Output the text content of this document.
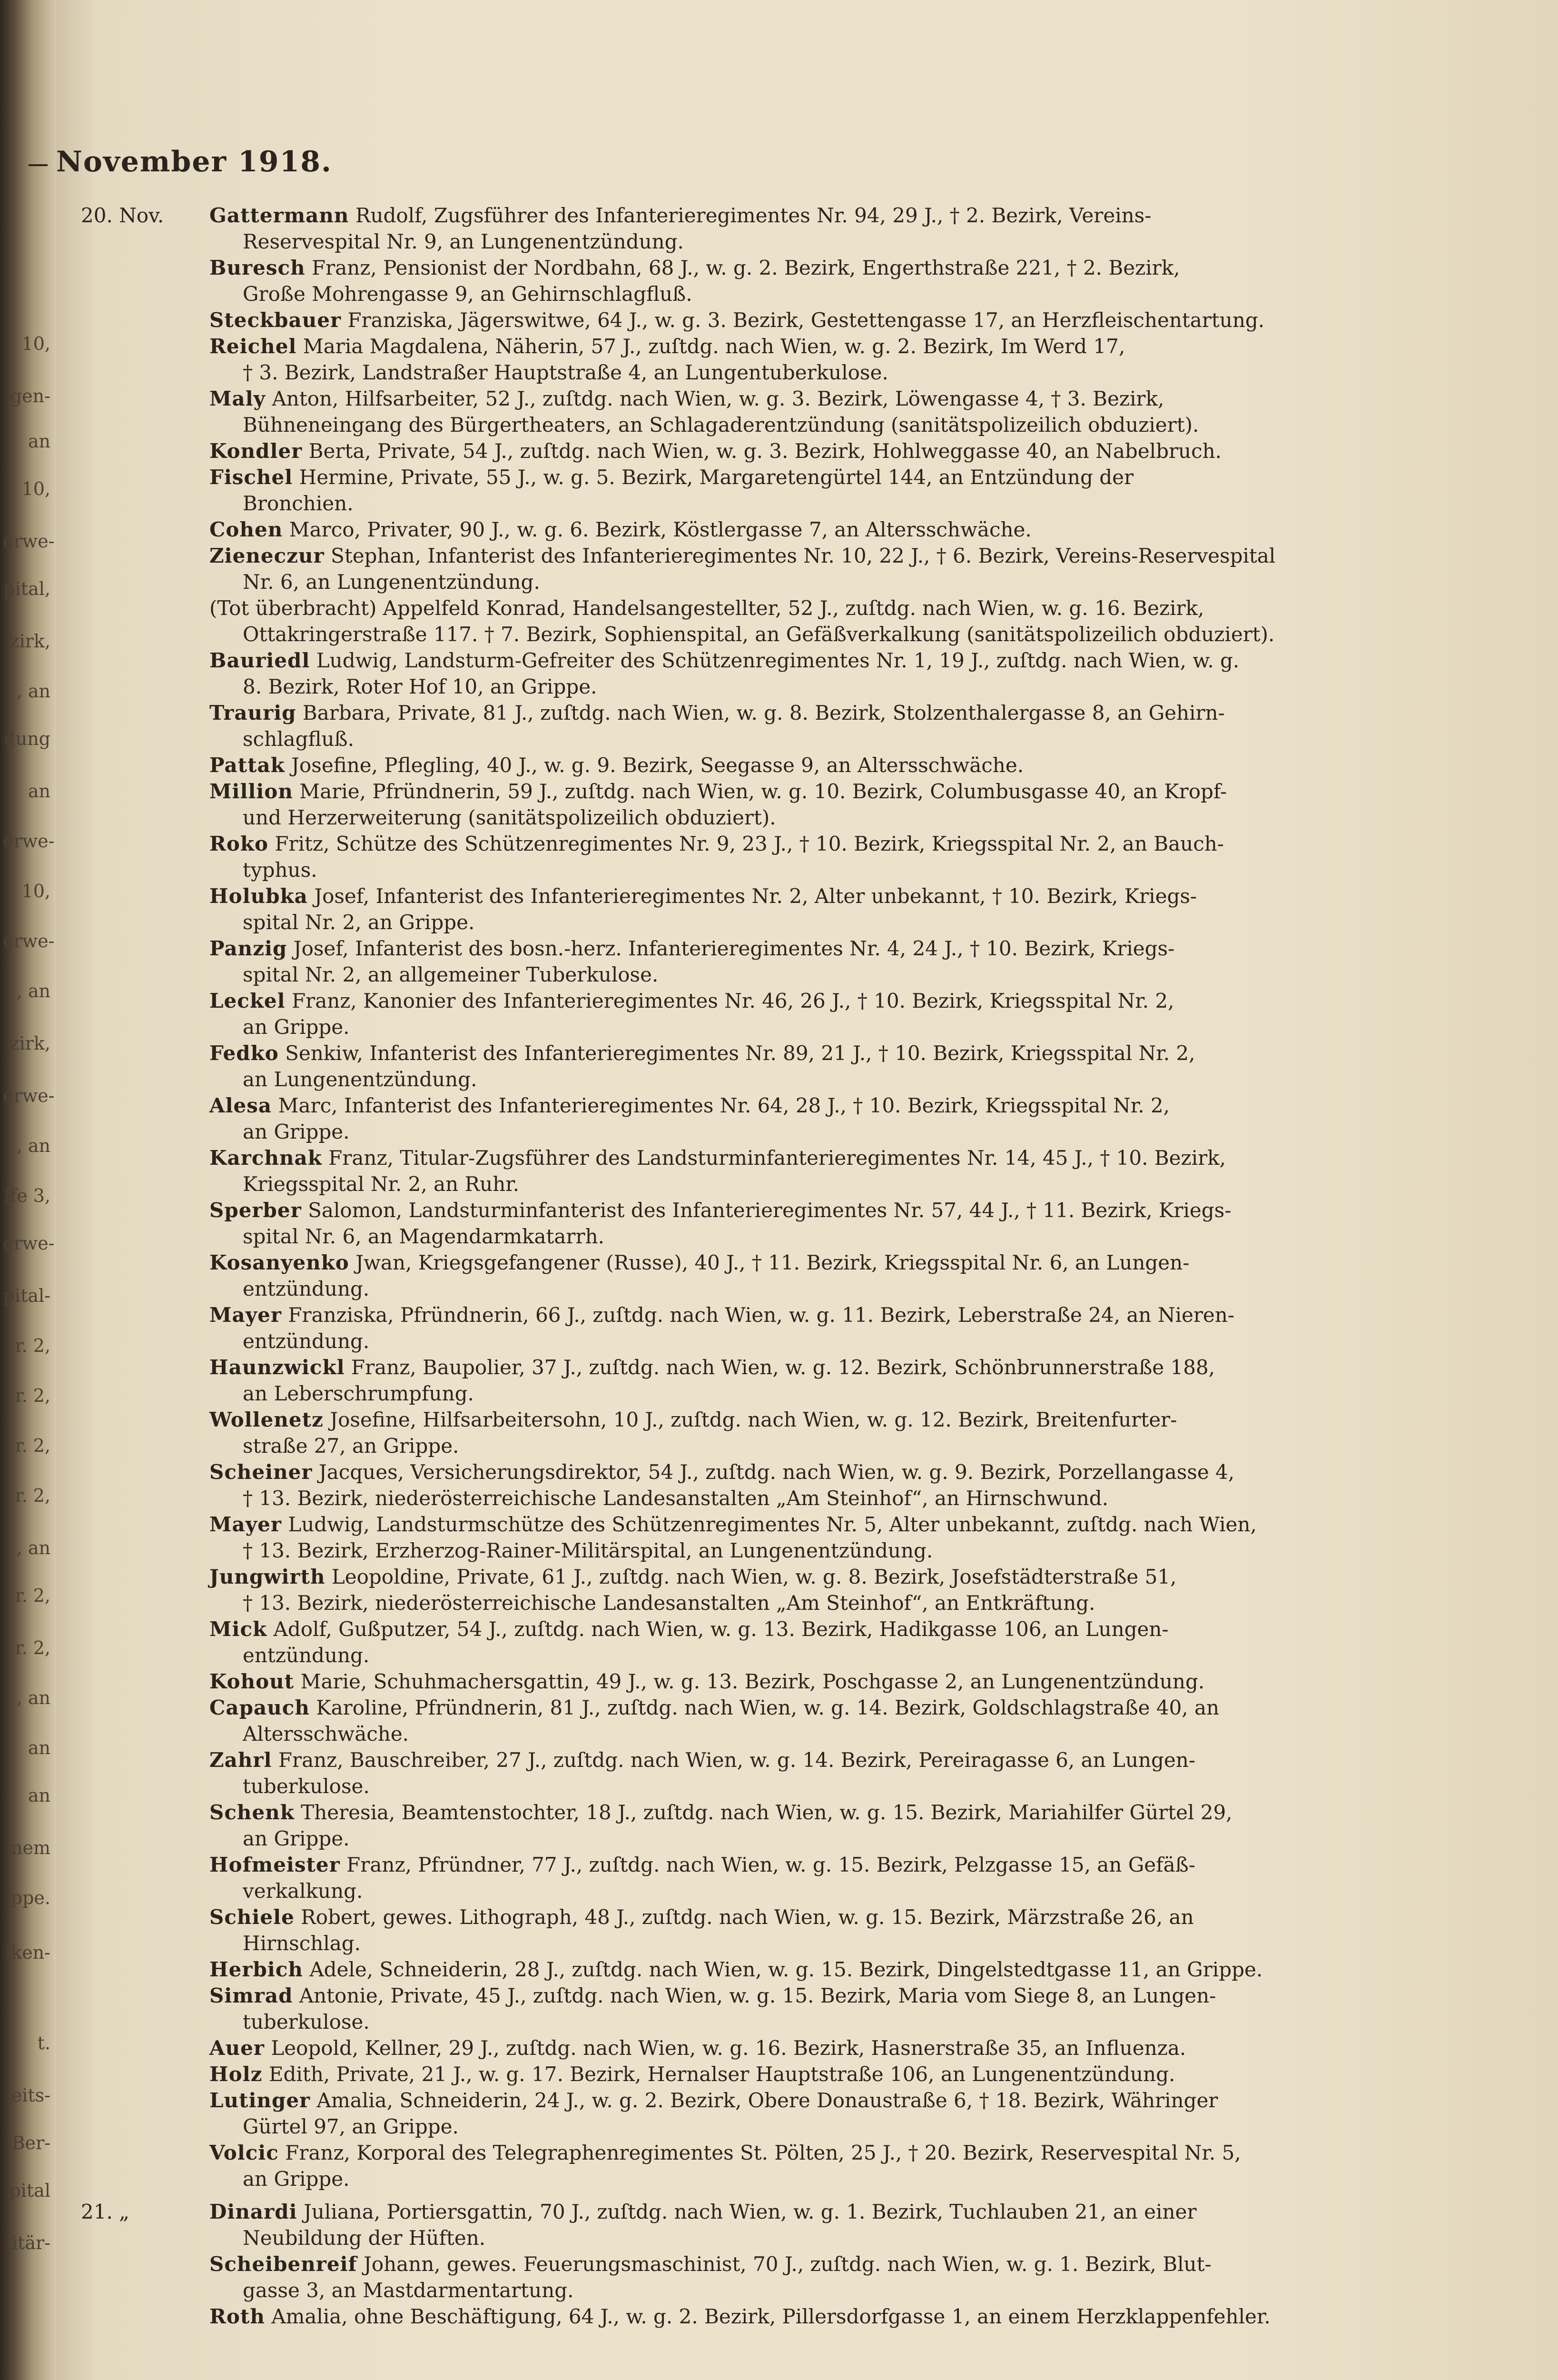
10,
gen-
an
10,
erwe-
pital,
zirk,
, an
dung
an
erwe-
10,
erwe-
, an
zirk,
erwe-
, an
ffe 3,
erwe-
pital-
r. 2,
r. 2,
r. 2,
r. 2,
, an
r. 2,
r. 2,
, an
an
an
nem
ppe.
iken-
t.
eits-
Ber-
pital
itär-
November 1918.
20. Nov.	Gattermann Rudolf, Zugsführer des Infanterieregimentes Nr. 94, 29 J., † 2. Bezirk, Vereins-
Reservespital Nr. 9, an Lungenentzündung.
Buresch Franz, Pensionist der Nordbahn, 68 J., w. g. 2. Bezirk, Engerthstraße 221, † 2. Bezirk,
Große Mohrengasse 9, an Gehirnschlagfluß.
Steckbauer Franziska, Jägerswitwe, 64 J., w. g. 3. Bezirk, Gestettengasse 17, an Herzfleischentartung.
Reichel Maria Magdalena, Näherin, 57 J., zuſtdg. nach Wien, w. g. 2. Bezirk, Im Werd 17,
† 3. Bezirk, Landstraßer Hauptstraße 4, an Lungentuberkulose.
Maly Anton, Hilfsarbeiter, 52 J., zuſtdg. nach Wien, w. g. 3. Bezirk, Löwengasse 4, † 3. Bezirk,
Bühneneingang des Bürgertheaters, an Schlagaderentzündung (sanitätspolizeilich obduziert).
Kondler Berta, Private, 54 J., zuſtdg. nach Wien, w. g. 3. Bezirk, Hohlweggasse 40, an Nabelbruch.
Fischel Hermine, Private, 55 J., w. g. 5. Bezirk, Margaretengürtel 144, an Entzündung der
Bronchien.
Cohen Marco, Privater, 90 J., w. g. 6. Bezirk, Köstlergasse 7, an Altersschwäche.
Zieneczur Stephan, Infanterist des Infanterieregimentes Nr. 10, 22 J., † 6. Bezirk, Vereins-Reservespital
Nr. 6, an Lungenentzündung.
(Tot überbracht) Appelfeld Konrad, Handelsangestellter, 52 J., zuſtdg. nach Wien, w. g. 16. Bezirk,
Ottakringerstraße 117. † 7. Bezirk, Sophienspital, an Gefäßverkalkung (sanitätspolizeilich obduziert).
Bauriedl Ludwig, Landsturm-Gefreiter des Schützenregimentes Nr. 1, 19 J., zuſtdg. nach Wien, w. g.
8. Bezirk, Roter Hof 10, an Grippe.
Traurig Barbara, Private, 81 J., zuſtdg. nach Wien, w. g. 8. Bezirk, Stolzenthalergasse 8, an Gehirn-
schlagfluß.
Pattak Josefine, Pflegling, 40 J., w. g. 9. Bezirk, Seegasse 9, an Altersschwäche.
Million Marie, Pfründnerin, 59 J., zuſtdg. nach Wien, w. g. 10. Bezirk, Columbusgasse 40, an Kropf-
und Herzerweiterung (sanitätspolizeilich obduziert).
Roko Fritz, Schütze des Schützenregimentes Nr. 9, 23 J., † 10. Bezirk, Kriegsspital Nr. 2, an Bauch-
typhus.
Holubka Josef, Infanterist des Infanterieregimentes Nr. 2, Alter unbekannt, † 10. Bezirk, Kriegs-
spital Nr. 2, an Grippe.
Panzig Josef, Infanterist des bosn.-herz. Infanterieregimentes Nr. 4, 24 J., † 10. Bezirk, Kriegs-
spital Nr. 2, an allgemeiner Tuberkulose.
Leckel Franz, Kanonier des Infanterieregimentes Nr. 46, 26 J., † 10. Bezirk, Kriegsspital Nr. 2,
an Grippe.
Fedko Senkiw, Infanterist des Infanterieregimentes Nr. 89, 21 J., † 10. Bezirk, Kriegsspital Nr. 2,
an Lungenentzündung.
Alesa Marc, Infanterist des Infanterieregimentes Nr. 64, 28 J., † 10. Bezirk, Kriegsspital Nr. 2,
an Grippe.
Karchnak Franz, Titular-Zugsführer des Landsturminfanterieregimentes Nr. 14, 45 J., † 10. Bezirk,
Kriegsspital Nr. 2, an Ruhr.
Sperber Salomon, Landsturminfanterist des Infanterieregimentes Nr. 57, 44 J., † 11. Bezirk, Kriegs-
spital Nr. 6, an Magendarmkatarrh.
Kosanyenko Jwan, Kriegsgefangener (Russe), 40 J., † 11. Bezirk, Kriegsspital Nr. 6, an Lungen-
entzündung.
Mayer Franziska, Pfründnerin, 66 J., zuſtdg. nach Wien, w. g. 11. Bezirk, Leberstraße 24, an Nieren-
entzündung.
Haunzwickl Franz, Baupolier, 37 J., zuſtdg. nach Wien, w. g. 12. Bezirk, Schönbrunnerstraße 188,
an Leberschrumpfung.
Wollenetz Josefine, Hilfsarbeitersohn, 10 J., zuſtdg. nach Wien, w. g. 12. Bezirk, Breitenfurter-
straße 27, an Grippe.
Scheiner Jacques, Versicherungsdirektor, 54 J., zuſtdg. nach Wien, w. g. 9. Bezirk, Porzellangasse 4,
† 13. Bezirk, niederösterreichische Landesanstalten „Am Steinhof“, an Hirnschwund.
Mayer Ludwig, Landsturmschütze des Schützenregimentes Nr. 5, Alter unbekannt, zuſtdg. nach Wien,
† 13. Bezirk, Erzherzog-Rainer-Militärspital, an Lungenentzündung.
Jungwirth Leopoldine, Private, 61 J., zuſtdg. nach Wien, w. g. 8. Bezirk, Josefstädterstraße 51,
† 13. Bezirk, niederösterreichische Landesanstalten „Am Steinhof“, an Entkräftung.
Mick Adolf, Gußputzer, 54 J., zuſtdg. nach Wien, w. g. 13. Bezirk, Hadikgasse 106, an Lungen-
entzündung.
Kohout Marie, Schuhmachersgattin, 49 J., w. g. 13. Bezirk, Poschgasse 2, an Lungenentzündung.
Capauch Karoline, Pfründnerin, 81 J., zuſtdg. nach Wien, w. g. 14. Bezirk, Goldschlagstraße 40, an
Altersschwäche.
Zahrl Franz, Bauschreiber, 27 J., zuſtdg. nach Wien, w. g. 14. Bezirk, Pereiragasse 6, an Lungen-
tuberkulose.
Schenk Theresia, Beamtenstochter, 18 J., zuſtdg. nach Wien, w. g. 15. Bezirk, Mariahilfer Gürtel 29,
an Grippe.
Hofmeister Franz, Pfründner, 77 J., zuſtdg. nach Wien, w. g. 15. Bezirk, Pelzgasse 15, an Gefäß-
verkalkung.
Schiele Robert, gewes. Lithograph, 48 J., zuſtdg. nach Wien, w. g. 15. Bezirk, Märzstraße 26, an
Hirnschlag.
Herbich Adele, Schneiderin, 28 J., zuſtdg. nach Wien, w. g. 15. Bezirk, Dingelstedtgasse 11, an Grippe.
Simrad Antonie, Private, 45 J., zuſtdg. nach Wien, w. g. 15. Bezirk, Maria vom Siege 8, an Lungen-
tuberkulose.
Auer Leopold, Kellner, 29 J., zuſtdg. nach Wien, w. g. 16. Bezirk, Hasnerstraße 35, an Influenza.
Holz Edith, Private, 21 J., w. g. 17. Bezirk, Hernalser Hauptstraße 106, an Lungenentzündung.
Lutinger Amalia, Schneiderin, 24 J., w. g. 2. Bezirk, Obere Donaustraße 6, † 18. Bezirk, Währinger
Gürtel 97, an Grippe.
Volcic Franz, Korporal des Telegraphenregimentes St. Pölten, 25 J., † 20. Bezirk, Reservespital Nr. 5,
an Grippe.
21. „	Dinardi Juliana, Portiersgattin, 70 J., zuſtdg. nach Wien, w. g. 1. Bezirk, Tuchlauben 21, an einer
Neubildung der Hüften.
Scheibenreif Johann, gewes. Feuerungsmaschinist, 70 J., zuſtdg. nach Wien, w. g. 1. Bezirk, Blut-
gasse 3, an Mastdarmentartung.
Roth Amalia, ohne Beschäftigung, 64 J., w. g. 2. Bezirk, Pillersdorfgasse 1, an einem Herzklappenfehler.
